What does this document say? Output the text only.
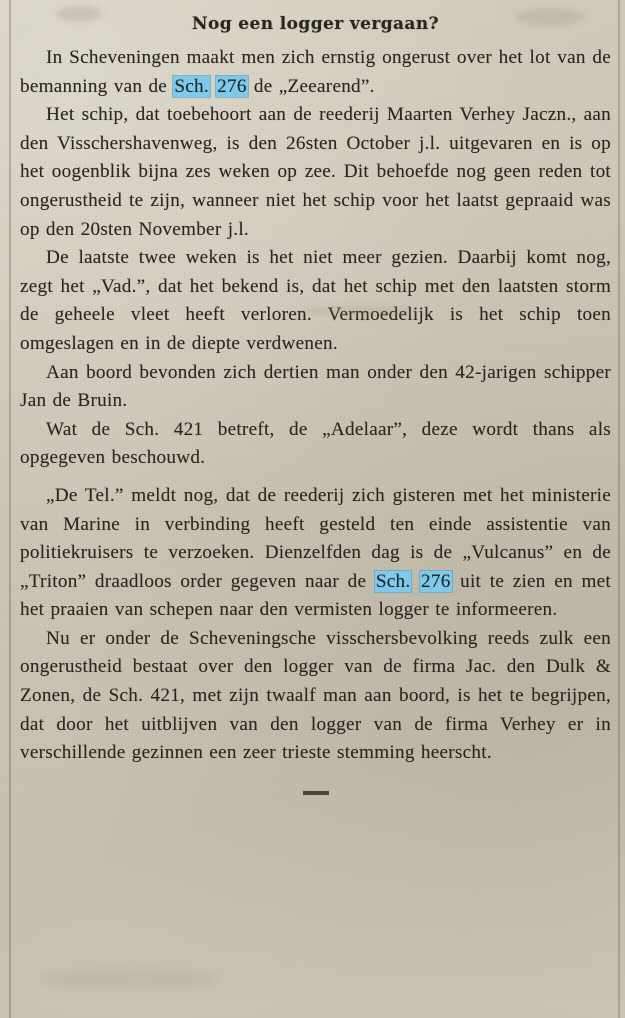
Nog een logger vergaan?

In Scheveningen maakt men zich ernstig ongerust over het lot van de bemanning van de Sch. 276 de „Zeearend”.

Het schip, dat toebehoort aan de reederij Maarten Verhey Jaczn., aan den Visschershavenweg, is den 26sten October j.l. uitgevaren en is op het oogenblik bijna zes weken op zee. Dit behoefde nog geen reden tot ongerustheid te zijn, wanneer niet het schip voor het laatst gepraaid was op den 20sten November j.l.

De laatste twee weken is het niet meer gezien. Daarbij komt nog, zegt het „Vad.”, dat het bekend is, dat het schip met den laatsten storm de geheele vleet heeft verloren. Vermoedelijk is het schip toen omgeslagen en in de diepte verdwenen.

Aan boord bevonden zich dertien man onder den 42-jarigen schipper Jan de Bruin.

Wat de Sch. 421 betreft, de „Adelaar”, deze wordt thans als opgegeven beschouwd.

„De Tel.” meldt nog, dat de reederij zich gisteren met het ministerie van Marine in verbinding heeft gesteld ten einde assistentie van politiekruisers te verzoeken. Dienzelfden dag is de „Vulcanus” en de „Triton” draadloos order gegeven naar de Sch. 276 uit te zien en met het praaien van schepen naar den vermisten logger te informeeren.

Nu er onder de Scheveningsche visschersbevolking reeds zulk een ongerustheid bestaat over den logger van de firma Jac. den Dulk & Zonen, de Sch. 421, met zijn twaalf man aan boord, is het te begrijpen, dat door het uitblijven van den logger van de firma Verhey er in verschillende gezinnen een zeer trieste stemming heerscht.
